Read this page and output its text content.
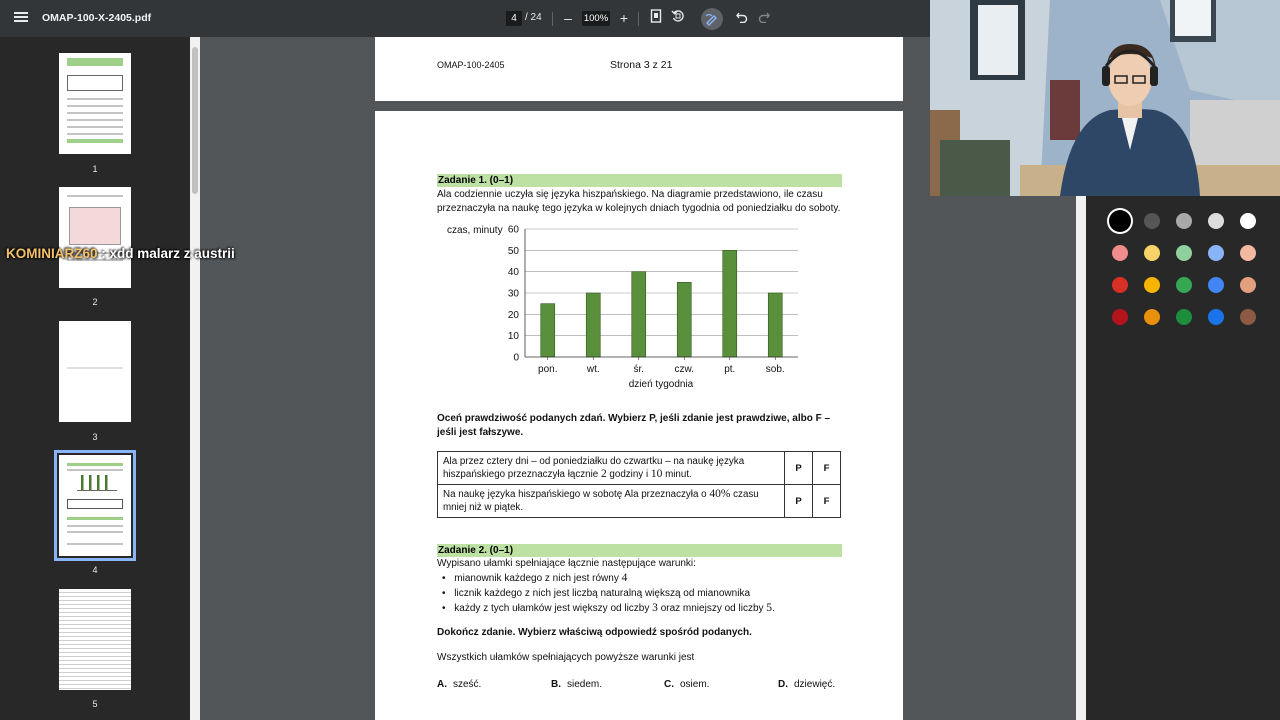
OMAP-100-X-2405.pdf	4 / 24	–	100% +
1
2
3
4
5
OMAP-100-2405	Strona 3 z 21
Zadanie 1. (0–1)
Ala codziennie uczyła się języka hiszpańskiego. Na diagramie przedstawiono, ile czasu
przeznaczyła na naukę tego języka w kolejnych dniach tygodnia od poniedziałku do soboty.
0
10
20
30
40
50
60
pon.	wt.	śr.	czw.	pt.	sob.
czas, minuty
dzień tygodnia
Oceń prawdziwość podanych zdań. Wybierz P, jeśli zdanie jest prawdziwe, albo F –
jeśli jest fałszywe.
Ala przez cztery dni – od poniedziałku do czwartku – na naukę języka
hiszpańskiego przeznaczyła łącznie 2 godziny i 10 minut.	P	F
Na naukę języka hiszpańskiego w sobotę Ala przeznaczyła o 40% czasu
mniej niż w piątek.	P	F
Zadanie 2. (0–1)
Wypisano ułamki spełniające łącznie następujące warunki:
• mianownik każdego z nich jest równy 4
• licznik każdego z nich jest liczbą naturalną większą od mianownika
• każdy z tych ułamków jest większy od liczby 3 oraz mniejszy od liczby 5.
Dokończ zdanie. Wybierz właściwą odpowiedź spośród podanych.
Wszystkich ułamków spełniających powyższe warunki jest
A. sześć.	B. siedem.	C. osiem.	D. dziewięć.
KOMINIARZ60 : xdd malarz z austrii
